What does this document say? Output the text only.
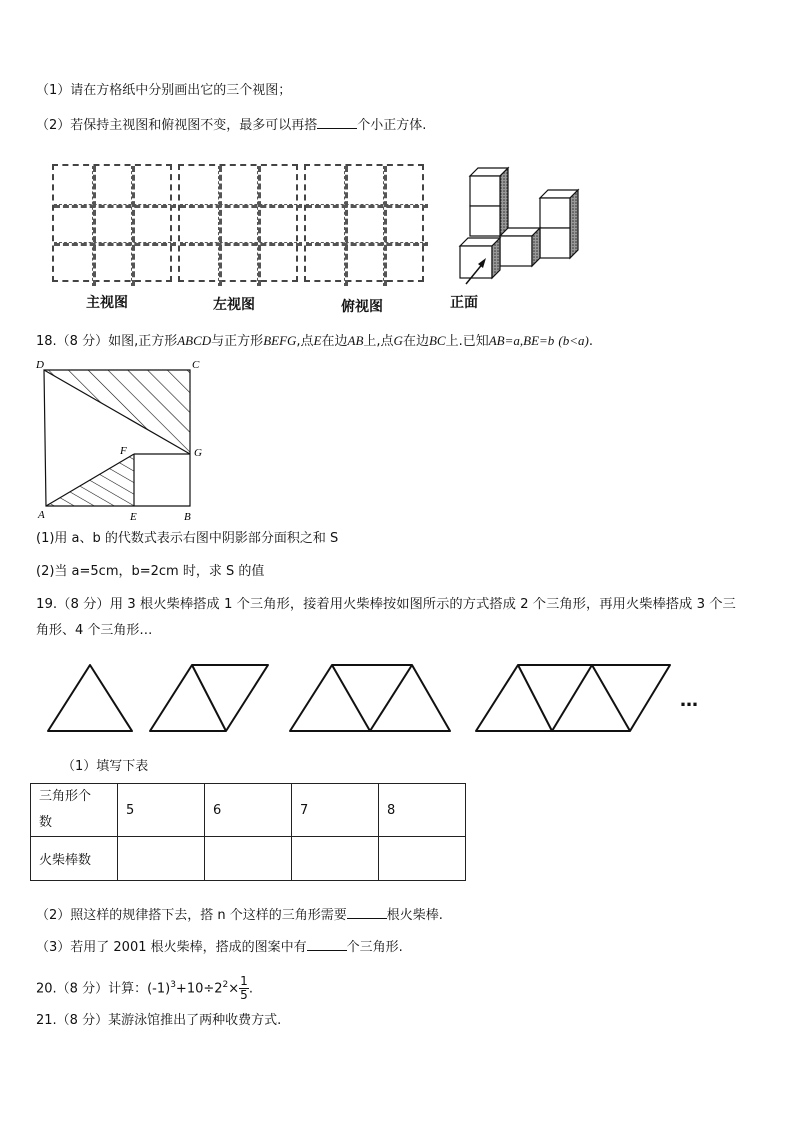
（1）请在方格纸中分别画出它的三个视图；
（2）若保持主视图和俯视图不变，最多可以再搭	个小正方体.
主视图	左视图	俯视图	正面
18.（8 分）如图,正方形ABCD与正方形BEFG,点E在边AB上,点G在边BC上.已知AB=a,BE=b (b<a).
D	C
F	G
A	E	B
(1)用 a、b 的代数式表示右图中阴影部分面积之和 S
(2)当 a=5cm，b=2cm 时，求 S 的值
19.（8 分）用 3 根火柴棒搭成 1 个三角形，接着用火柴棒按如图所示的方式搭成 2 个三角形，再用火柴棒搭成 3 个三
角形、4 个三角形…
…
（1）填写下表
三角形个
数	5	6	7	8
火柴棒数				
（2）照这样的规律搭下去，搭 n 个这样的三角形需要	根火柴棒.
（3）若用了 2001 根火柴棒，搭成的图案中有	个三角形.
20.（8 分）计算：$(-1)^3+10\div 2^2\times \frac{1}{5}$ .
21.（8 分）某游泳馆推出了两种收费方式.
